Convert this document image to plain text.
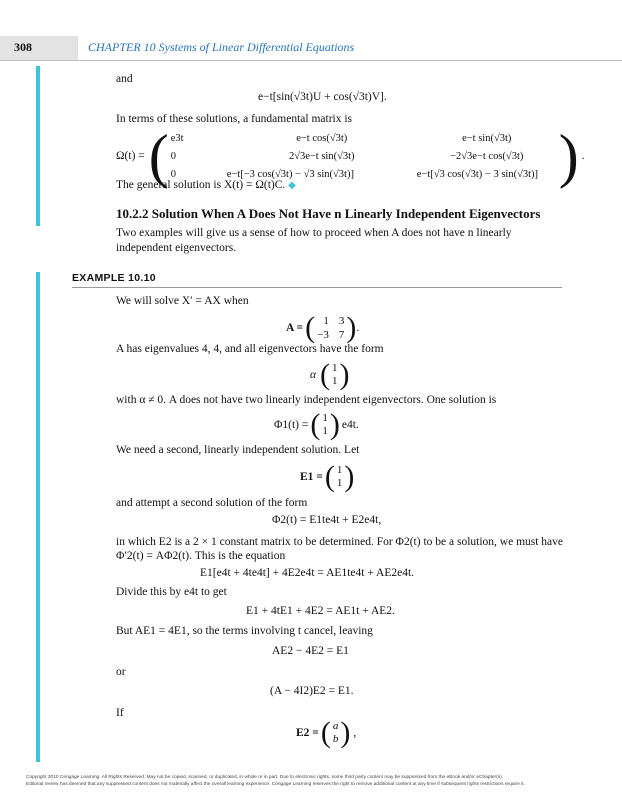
308	CHAPTER 10 Systems of Linear Differential Equations
and
e−t[sin(√3t)U + cos(√3t)V].
In terms of these solutions, a fundamental matrix is
Ω(t) = ( e3t	e−t cos(√3t)	e−t sin(√3t)
0	2√3e−t sin(√3t)	−2√3e−t cos(√3t)
0	e−t[−3 cos(√3t) − √3 sin(√3t)]	e−t[√3 cos(√3t) − 3 sin(√3t)] ) .
The general solution is X(t) = Ω(t)C. ◆
10.2.2 Solution When A Does Not Have n Linearly Independent Eigenvectors
Two examples will give us a sense of how to proceed when A does not have n linearly
independent eigenvectors.
EXAMPLE 10.10
We will solve X′ = AX when
A = ( 1 3
−3 7 ) .
A has eigenvalues 4, 4, and all eigenvectors have the form
α ( 1
1 )
with α ≠ 0. A does not have two linearly independent eigenvectors. One solution is
Φ1(t) = ( 1
1 ) e4t.
We need a second, linearly independent solution. Let
E1 = ( 1
1 )
and attempt a second solution of the form
Φ2(t) = E1te4t + E2e4t,
in which E2 is a 2 × 1 constant matrix to be determined. For Φ2(t) to be a solution, we must have
Φ′2(t) = AΦ2(t). This is the equation
E1[e4t + 4te4t] + 4E2e4t = AE1te4t + AE2e4t.
Divide this by e4t to get
E1 + 4tE1 + 4E2 = AE1t + AE2.
But AE1 = 4E1, so the terms involving t cancel, leaving
AE2 − 4E2 = E1
or
(A − 4I2)E2 = E1.
If
E2 = ( a
b ) ,
Copyright 2010 Cengage Learning. All Rights Reserved. May not be copied, scanned, or duplicated, in whole or in part. Due to electronic rights, some third party content may be suppressed from the eBook and/or eChapter(s).
Editorial review has deemed that any suppressed content does not materially affect the overall learning experience. Cengage Learning reserves the right to remove additional content at any time if subsequent rights restrictions require it.
